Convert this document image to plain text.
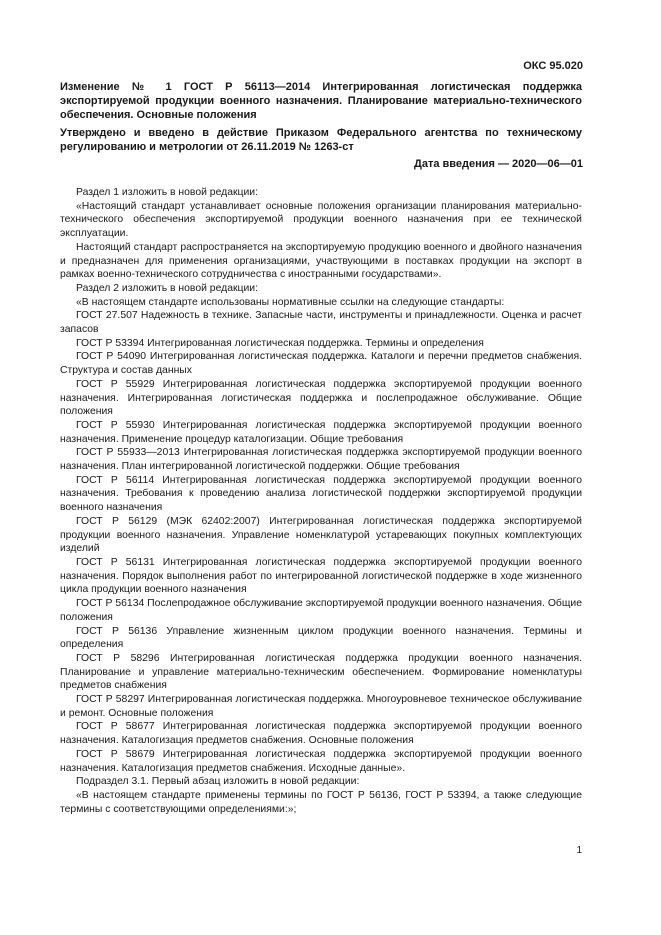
ОКС 95.020
Изменение № 1 ГОСТ Р 56113—2014 Интегрированная логистическая поддержка экспортируемой продукции военного назначения. Планирование материально-технического обеспечения. Основные положения
Утверждено и введено в действие Приказом Федерального агентства по техническому регулированию и метрологии от 26.11.2019 № 1263-ст
Дата введения — 2020—06—01

Раздел 1 изложить в новой редакции:

«Настоящий стандарт устанавливает основные положения организации планирования материально-технического обеспечения экспортируемой продукции военного назначения при ее технической эксплуатации.

Настоящий стандарт распространяется на экспортируемую продукцию военного и двойного назначения и предназначен для применения организациями, участвующими в поставках продукции на экспорт в рамках военно-технического сотрудничества с иностранными государствами».

Раздел 2 изложить в новой редакции:

«В настоящем стандарте использованы нормативные ссылки на следующие стандарты:

ГОСТ 27.507 Надежность в технике. Запасные части, инструменты и принадлежности. Оценка и расчет запасов

ГОСТ Р 53394 Интегрированная логистическая поддержка. Термины и определения

ГОСТ Р 54090 Интегрированная логистическая поддержка. Каталоги и перечни предметов снабжения. Структура и состав данных

ГОСТ Р 55929 Интегрированная логистическая поддержка экспортируемой продукции военного назначения. Интегрированная логистическая поддержка и послепродажное обслуживание. Общие положения

ГОСТ Р 55930 Интегрированная логистическая поддержка экспортируемой продукции военного назначения. Применение процедур каталогизации. Общие требования

ГОСТ Р 55933—2013 Интегрированная логистическая поддержка экспортируемой продукции военного назначения. План интегрированной логистической поддержки. Общие требования

ГОСТ Р 56114 Интегрированная логистическая поддержка экспортируемой продукции военного назначения. Требования к проведению анализа логистической поддержки экспортируемой продукции военного назначения

ГОСТ Р 56129 (МЭК 62402:2007) Интегрированная логистическая поддержка экспортируемой продукции военного назначения. Управление номенклатурой устаревающих покупных комплектующих изделий

ГОСТ Р 56131 Интегрированная логистическая поддержка экспортируемой продукции военного назначения. Порядок выполнения работ по интегрированной логистической поддержке в ходе жизненного цикла продукции военного назначения

ГОСТ Р 56134 Послепродажное обслуживание экспортируемой продукции военного назначения. Общие положения

ГОСТ Р 56136 Управление жизненным циклом продукции военного назначения. Термины и определения

ГОСТ Р 58296 Интегрированная логистическая поддержка продукции военного назначения. Планирование и управление материально-техническим обеспечением. Формирование номенклатуры предметов снабжения

ГОСТ Р 58297 Интегрированная логистическая поддержка. Многоуровневое техническое обслуживание и ремонт. Основные положения

ГОСТ Р 58677 Интегрированная логистическая поддержка экспортируемой продукции военного назначения. Каталогизация предметов снабжения. Основные положения

ГОСТ Р 58679 Интегрированная логистическая поддержка экспортируемой продукции военного назначения. Каталогизация предметов снабжения. Исходные данные».

Подраздел 3.1. Первый абзац изложить в новой редакции:

«В настоящем стандарте применены термины по ГОСТ Р 56136, ГОСТ Р 53394, а также следующие термины с соответствующими определениями:»;

1
